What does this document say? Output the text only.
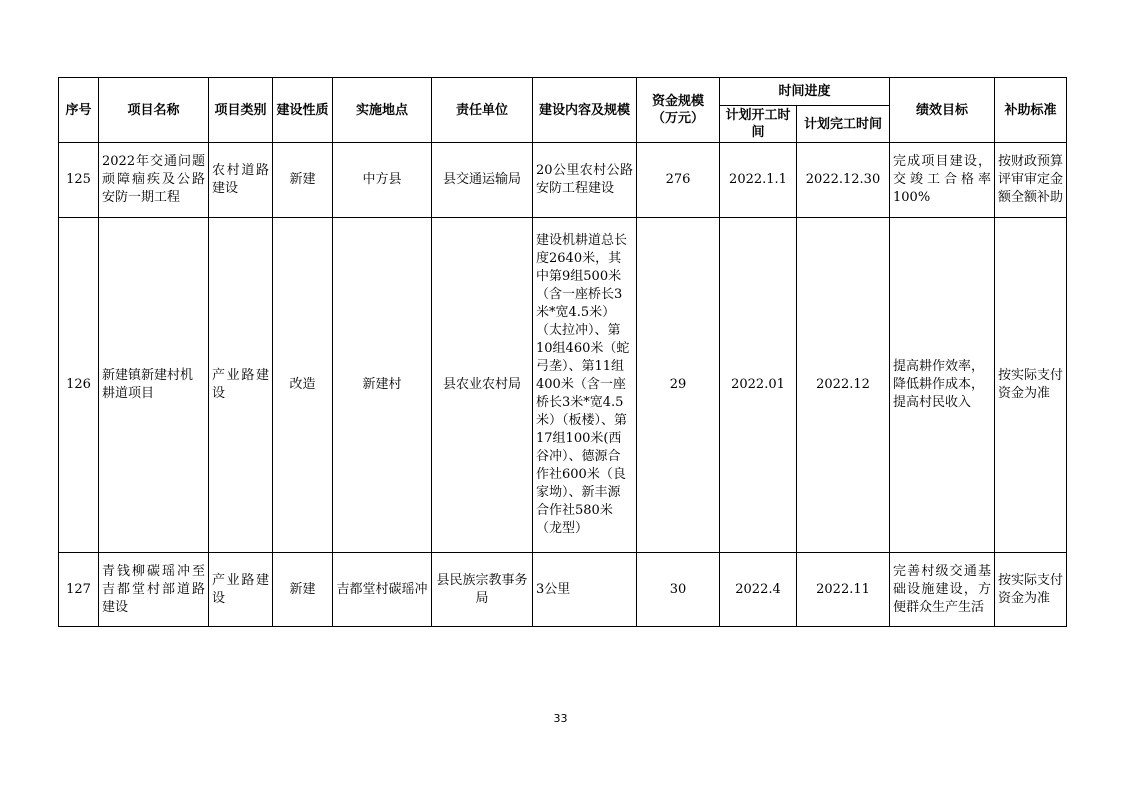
序号	项目名称	项目类别	建设性质	实施地点	责任单位	建设内容及规模	资金规模（万元）	时间进度		绩效目标	补助标准
								计划开工时间	计划完工时间		
125	2022年交通问题顽障痼疾及公路安防一期工程	农村道路建设	新建	中方县	县交通运输局	20公里农村公路安防工程建设	276	2022.1.1	2022.12.30	完成项目建设，交竣工合格率100%	按财政预算评审审定金额全额补助
126	新建镇新建村机耕道项目	产业路建设	改造	新建村	县农业农村局	建设机耕道总长度2640米，其中第9组500米（含一座桥长3米*宽4.5米）（太拉冲）、第10组460米（蛇弓垄）、第11组400米（含一座桥长3米*宽4.5米）（板楼）、第17组100米(西谷冲）、德源合作社600米（良家坳）、新丰源合作社580米（龙型）	29	2022.01	2022.12	提高耕作效率，降低耕作成本，提高村民收入	按实际支付资金为准
127	青钱柳碳瑶冲至吉都堂村部道路建设	产业路建设	新建	吉都堂村碳瑶冲	县民族宗教事务局	3公里	30	2022.4	2022.11	完善村级交通基础设施建设，方便群众生产生活	按实际支付资金为准
33
